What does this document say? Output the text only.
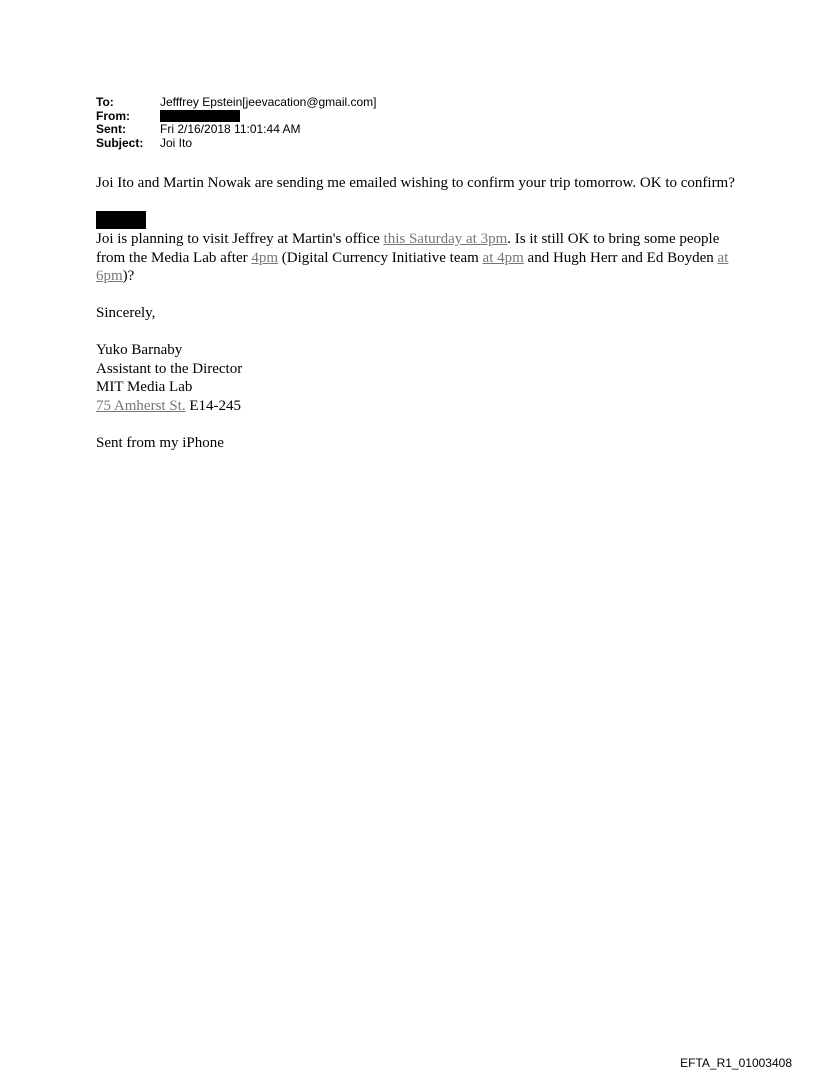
To:	Jefffrey Epstein[jeevacation@gmail.com]
From:
Sent:	Fri 2/16/2018 11:01:44 AM
Subject:	Joi Ito

Joi Ito and Martin Nowak are sending me emailed wishing to confirm your trip tomorrow. OK to confirm?

Joi is planning to visit Jeffrey at Martin's office this Saturday at 3pm. Is it still OK to bring some people from the Media Lab after 4pm (Digital Currency Initiative team at 4pm and Hugh Herr and Ed Boyden at 6pm)?

Sincerely,

Yuko Barnaby
Assistant to the Director
MIT Media Lab
75 Amherst St. E14-245

Sent from my iPhone

EFTA_R1_01003408
